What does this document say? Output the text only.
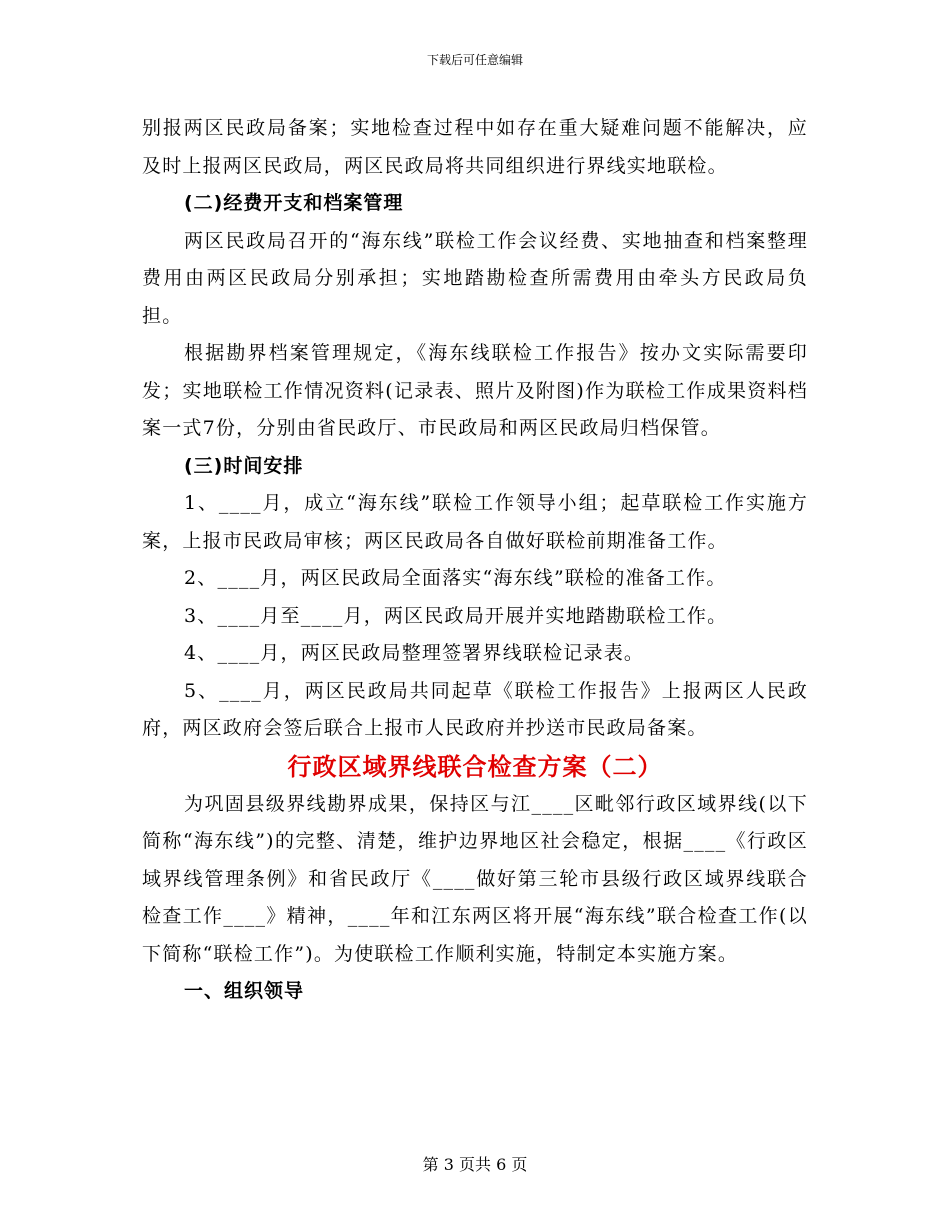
下载后可任意编辑

别报两区民政局备案；实地检查过程中如存在重大疑难问题不能解决，应及时上报两区民政局，两区民政局将共同组织进行界线实地联检。

(二)经费开支和档案管理

两区民政局召开的“海东线”联检工作会议经费、实地抽查和档案整理费用由两区民政局分别承担；实地踏勘检查所需费用由牵头方民政局负担。

根据勘界档案管理规定，《海东线联检工作报告》按办文实际需要印发；实地联检工作情况资料(记录表、照片及附图)作为联检工作成果资料档案一式7份，分别由省民政厅、市民政局和两区民政局归档保管。

(三)时间安排

1、____月，成立“海东线”联检工作领导小组；起草联检工作实施方案，上报市民政局审核；两区民政局各自做好联检前期准备工作。

2、____月，两区民政局全面落实“海东线”联检的准备工作。

3、____月至____月，两区民政局开展并实地踏勘联检工作。

4、____月，两区民政局整理签署界线联检记录表。

5、____月，两区民政局共同起草《联检工作报告》上报两区人民政府，两区政府会签后联合上报市人民政府并抄送市民政局备案。

行政区域界线联合检查方案（二）

为巩固县级界线勘界成果，保持区与江____区毗邻行政区域界线(以下简称“海东线”)的完整、清楚，维护边界地区社会稳定，根据____《行政区域界线管理条例》和省民政厅《____做好第三轮市县级行政区域界线联合检查工作____》精神，____年和江东两区将开展“海东线”联合检查工作(以下简称“联检工作”)。为使联检工作顺利实施，特制定本实施方案。

一、组织领导

第 3 页共 6 页
